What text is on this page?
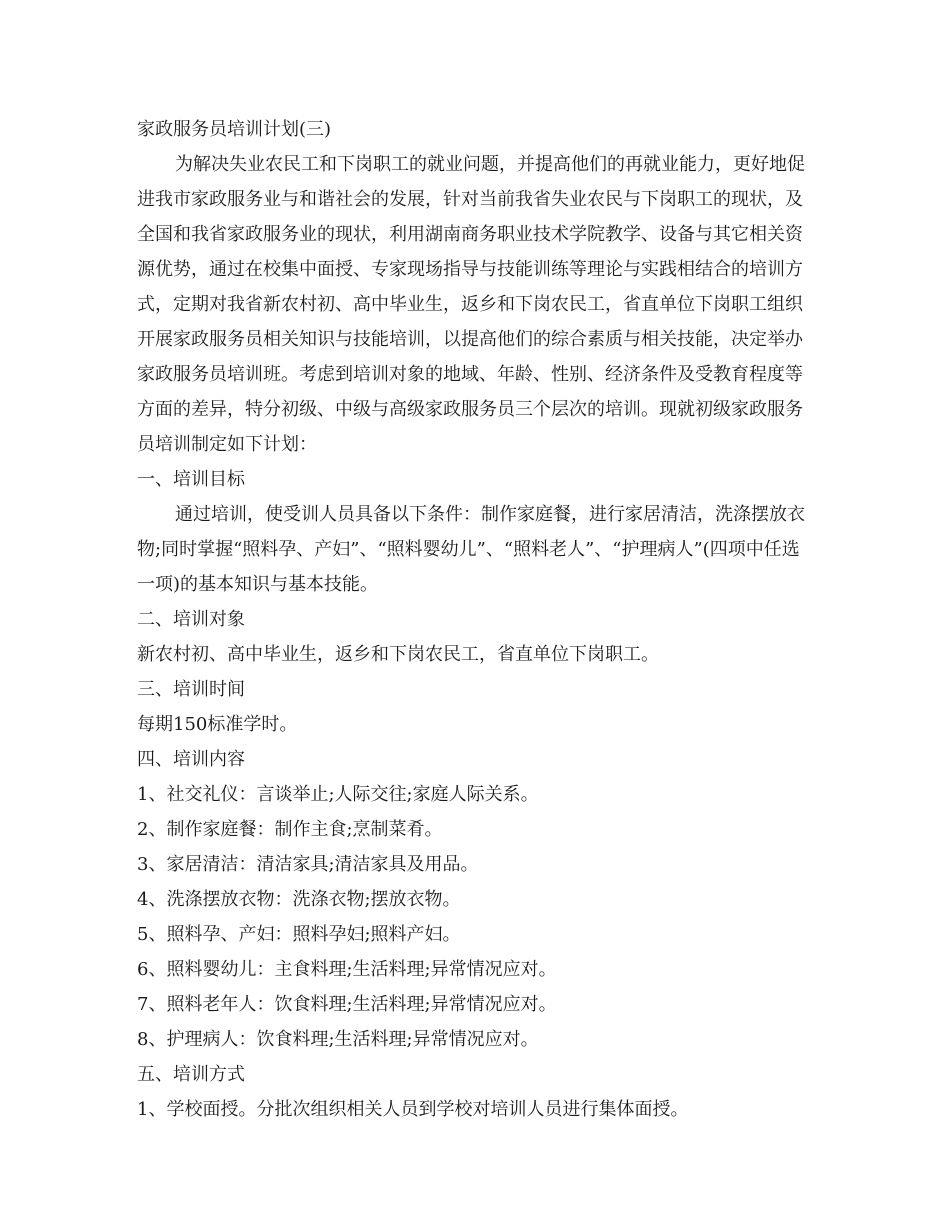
家政服务员培训计划(三)

为解决失业农民工和下岗职工的就业问题，并提高他们的再就业能力，更好地促进我市家政服务业与和谐社会的发展，针对当前我省失业农民与下岗职工的现状，及全国和我省家政服务业的现状，利用湖南商务职业技术学院教学、设备与其它相关资源优势，通过在校集中面授、专家现场指导与技能训练等理论与实践相结合的培训方式，定期对我省新农村初、高中毕业生，返乡和下岗农民工，省直单位下岗职工组织开展家政服务员相关知识与技能培训，以提高他们的综合素质与相关技能，决定举办家政服务员培训班。考虑到培训对象的地域、年龄、性别、经济条件及受教育程度等方面的差异，特分初级、中级与高级家政服务员三个层次的培训。现就初级家政服务员培训制定如下计划：

一、培训目标

通过培训，使受训人员具备以下条件：制作家庭餐，进行家居清洁，洗涤摆放衣物;同时掌握“照料孕、产妇”、“照料婴幼儿”、“照料老人”、“护理病人”(四项中任选一项)的基本知识与基本技能。

二、培训对象

新农村初、高中毕业生，返乡和下岗农民工，省直单位下岗职工。

三、培训时间

每期150标准学时。

四、培训内容

1、社交礼仪：言谈举止;人际交往;家庭人际关系。

2、制作家庭餐：制作主食;烹制菜肴。

3、家居清洁：清洁家具;清洁家具及用品。

4、洗涤摆放衣物：洗涤衣物;摆放衣物。

5、照料孕、产妇：照料孕妇;照料产妇。

6、照料婴幼儿：主食料理;生活料理;异常情况应对。

7、照料老年人：饮食料理;生活料理;异常情况应对。

8、护理病人：饮食料理;生活料理;异常情况应对。

五、培训方式

1、学校面授。分批次组织相关人员到学校对培训人员进行集体面授。
